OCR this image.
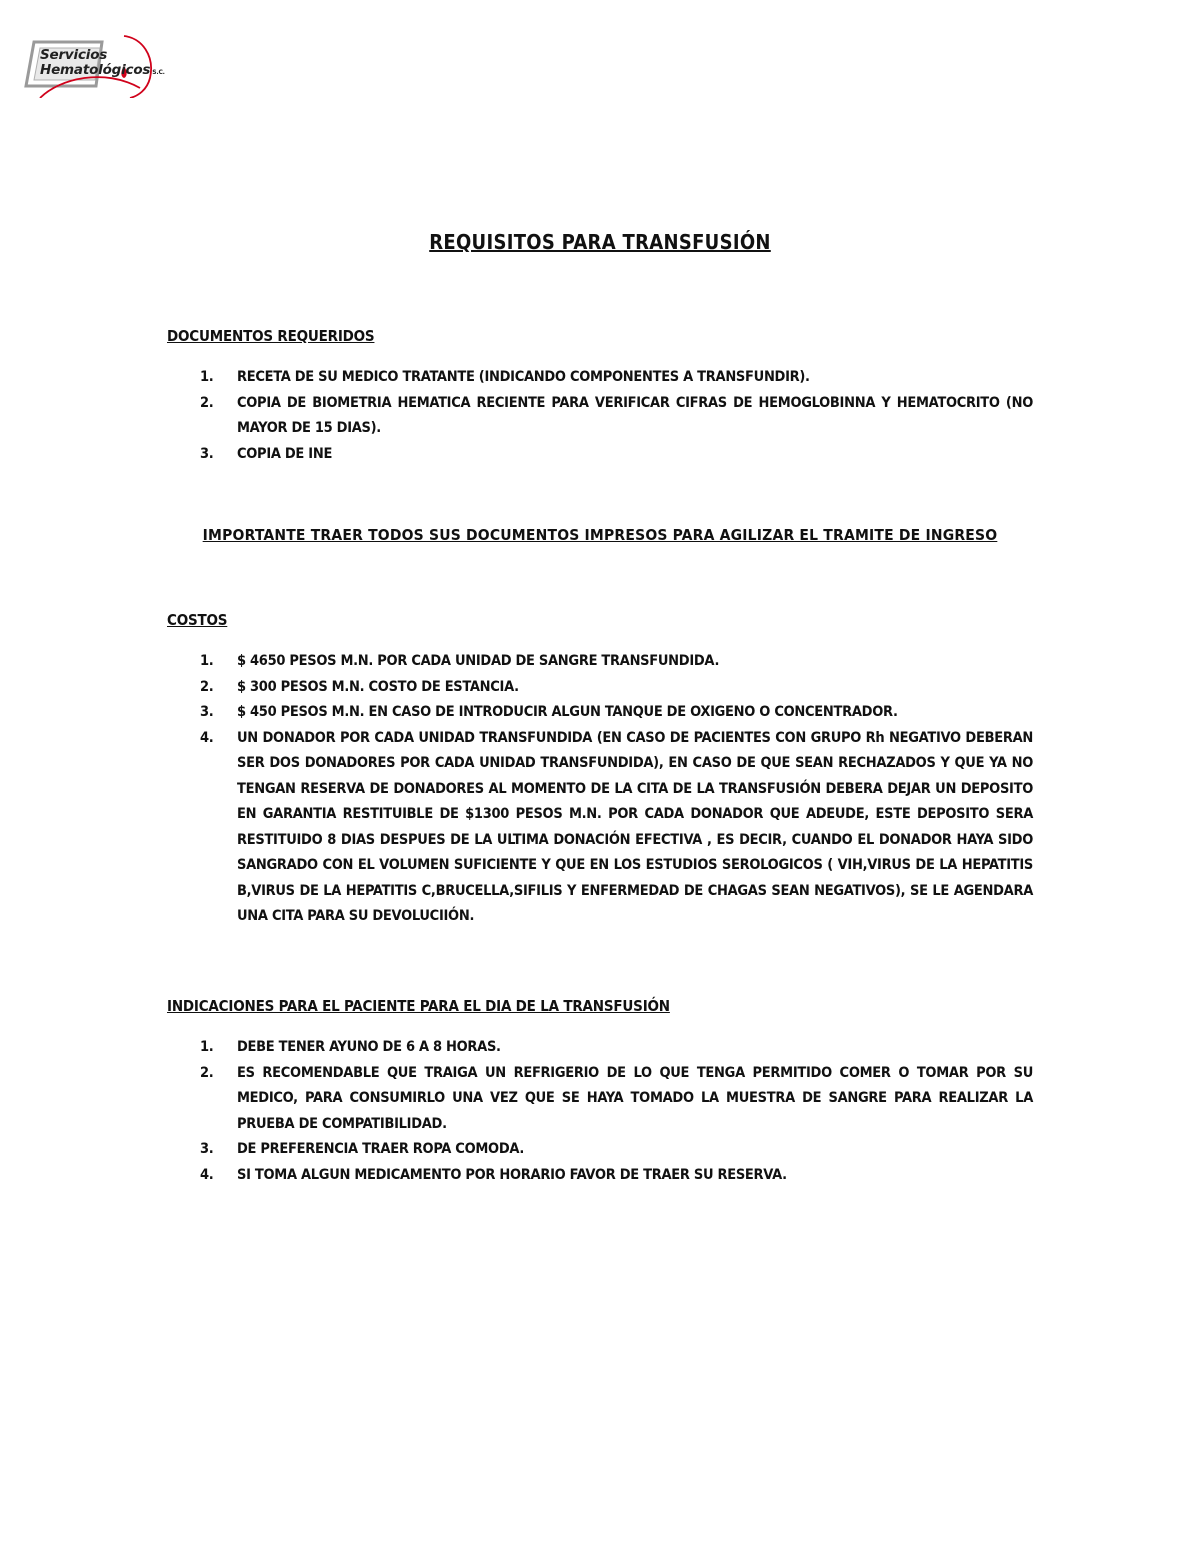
Servicios
Hematológicos S.C.
REQUISITOS PARA TRANSFUSIÓN
DOCUMENTOS REQUERIDOS
1. RECETA DE SU MEDICO TRATANTE (INDICANDO COMPONENTES A TRANSFUNDIR).
2. COPIA DE BIOMETRIA HEMATICA RECIENTE PARA VERIFICAR CIFRAS DE HEMOGLOBINNA Y HEMATOCRITO (NO MAYOR DE 15 DIAS).
3. COPIA DE INE
IMPORTANTE TRAER TODOS SUS DOCUMENTOS IMPRESOS PARA AGILIZAR EL TRAMITE DE INGRESO
COSTOS
1. $ 4650 PESOS M.N. POR CADA UNIDAD DE SANGRE TRANSFUNDIDA.
2. $ 300 PESOS M.N. COSTO DE ESTANCIA.
3. $ 450 PESOS M.N. EN CASO DE INTRODUCIR ALGUN TANQUE DE OXIGENO O CONCENTRADOR.
4. UN DONADOR POR CADA UNIDAD TRANSFUNDIDA (EN CASO DE PACIENTES CON GRUPO Rh NEGATIVO DEBERAN SER DOS DONADORES POR CADA UNIDAD TRANSFUNDIDA), EN CASO DE QUE SEAN RECHAZADOS Y QUE YA NO TENGAN RESERVA DE DONADORES AL MOMENTO DE LA CITA DE LA TRANSFUSIÓN DEBERA DEJAR UN DEPOSITO EN GARANTIA RESTITUIBLE DE $1300 PESOS M.N. POR CADA DONADOR QUE ADEUDE, ESTE DEPOSITO SERA RESTITUIDO 8 DIAS DESPUES DE LA ULTIMA DONACIÓN EFECTIVA , ES DECIR, CUANDO EL DONADOR HAYA SIDO SANGRADO CON EL VOLUMEN SUFICIENTE Y QUE EN LOS ESTUDIOS SEROLOGICOS ( VIH,VIRUS DE LA HEPATITIS B,VIRUS DE LA HEPATITIS C,BRUCELLA,SIFILIS Y ENFERMEDAD DE CHAGAS SEAN NEGATIVOS), SE LE AGENDARA UNA CITA PARA SU DEVOLUCIIÓN.
INDICACIONES PARA EL PACIENTE PARA EL DIA DE LA TRANSFUSIÓN
1. DEBE TENER AYUNO DE 6 A 8 HORAS.
2. ES RECOMENDABLE QUE TRAIGA UN REFRIGERIO DE LO QUE TENGA PERMITIDO COMER O TOMAR POR SU MEDICO, PARA CONSUMIRLO UNA VEZ QUE SE HAYA TOMADO LA MUESTRA DE SANGRE PARA REALIZAR LA PRUEBA DE COMPATIBILIDAD.
3. DE PREFERENCIA TRAER ROPA COMODA.
4. SI TOMA ALGUN MEDICAMENTO POR HORARIO FAVOR DE TRAER SU RESERVA.
